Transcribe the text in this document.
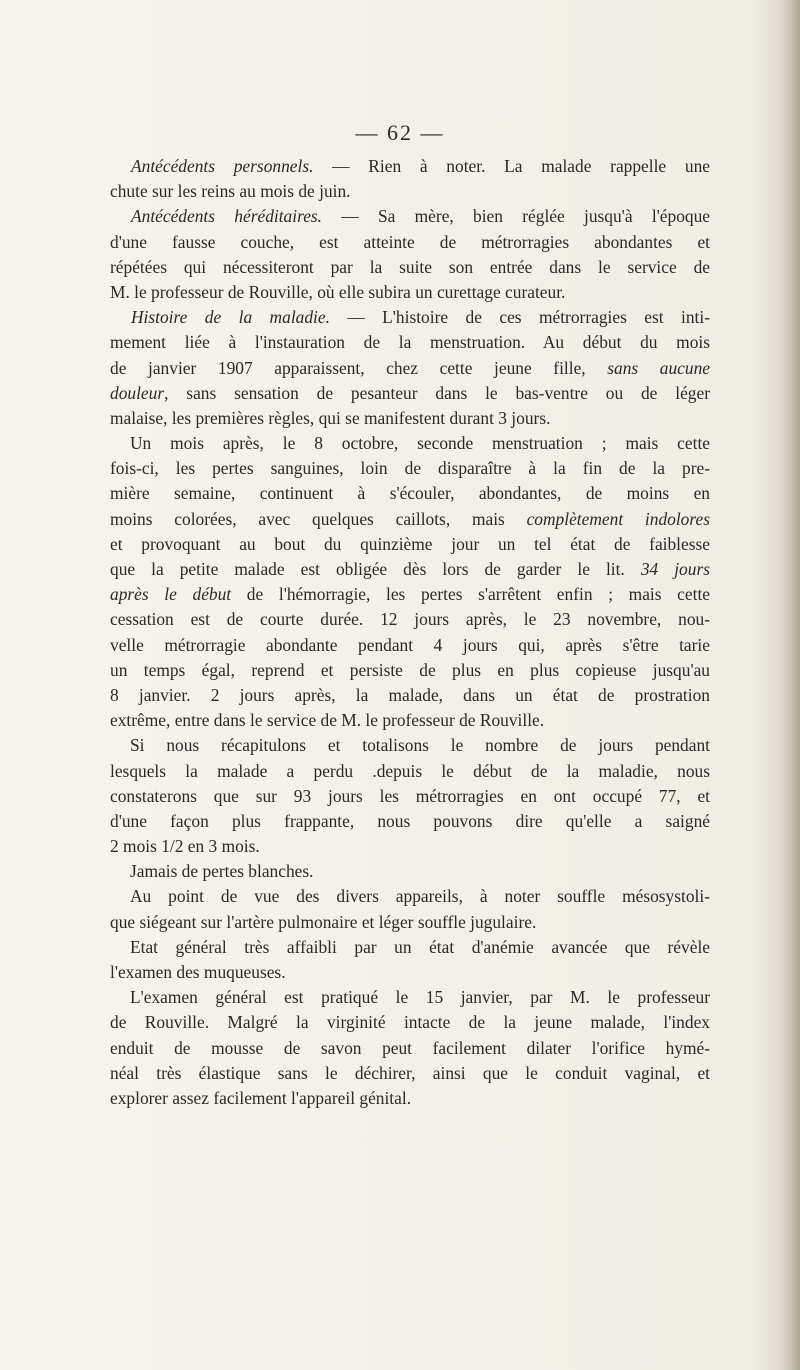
— 62 —
Antécédents personnels. — Rien à noter. La malade rappelle une
chute sur les reins au mois de juin.
Antécédents héréditaires. — Sa mère, bien réglée jusqu'à l'époque
d'une fausse couche, est atteinte de métrorragies abondantes et
répétées qui nécessiteront par la suite son entrée dans le service de
M. le professeur de Rouville, où elle subira un curettage curateur.
Histoire de la maladie. — L'histoire de ces métrorragies est inti-
mement liée à l'instauration de la menstruation. Au début du mois
de janvier 1907 apparaissent, chez cette jeune fille, sans aucune
douleur, sans sensation de pesanteur dans le bas-ventre ou de léger
malaise, les premières règles, qui se manifestent durant 3 jours.
Un mois après, le 8 octobre, seconde menstruation ; mais cette
fois-ci, les pertes sanguines, loin de disparaître à la fin de la pre-
mière semaine, continuent à s'écouler, abondantes, de moins en
moins colorées, avec quelques caillots, mais complètement indolores
et provoquant au bout du quinzième jour un tel état de faiblesse
que la petite malade est obligée dès lors de garder le lit. 34 jours
après le début de l'hémorragie, les pertes s'arrêtent enfin ; mais cette
cessation est de courte durée. 12 jours après, le 23 novembre, nou-
velle métrorragie abondante pendant 4 jours qui, après s'être tarie
un temps égal, reprend et persiste de plus en plus copieuse jusqu'au
8 janvier. 2 jours après, la malade, dans un état de prostration
extrême, entre dans le service de M. le professeur de Rouville.
Si nous récapitulons et totalisons le nombre de jours pendant
lesquels la malade a perdu .depuis le début de la maladie, nous
constaterons que sur 93 jours les métrorragies en ont occupé 77, et
d'une façon plus frappante, nous pouvons dire qu'elle a saigné
2 mois 1/2 en 3 mois.
Jamais de pertes blanches.
Au point de vue des divers appareils, à noter souffle mésosystoli-
que siégeant sur l'artère pulmonaire et léger souffle jugulaire.
Etat général très affaibli par un état d'anémie avancée que révèle
l'examen des muqueuses.
L'examen général est pratiqué le 15 janvier, par M. le professeur
de Rouville. Malgré la virginité intacte de la jeune malade, l'index
enduit de mousse de savon peut facilement dilater l'orifice hymé-
néal très élastique sans le déchirer, ainsi que le conduit vaginal, et
explorer assez facilement l'appareil génital.
